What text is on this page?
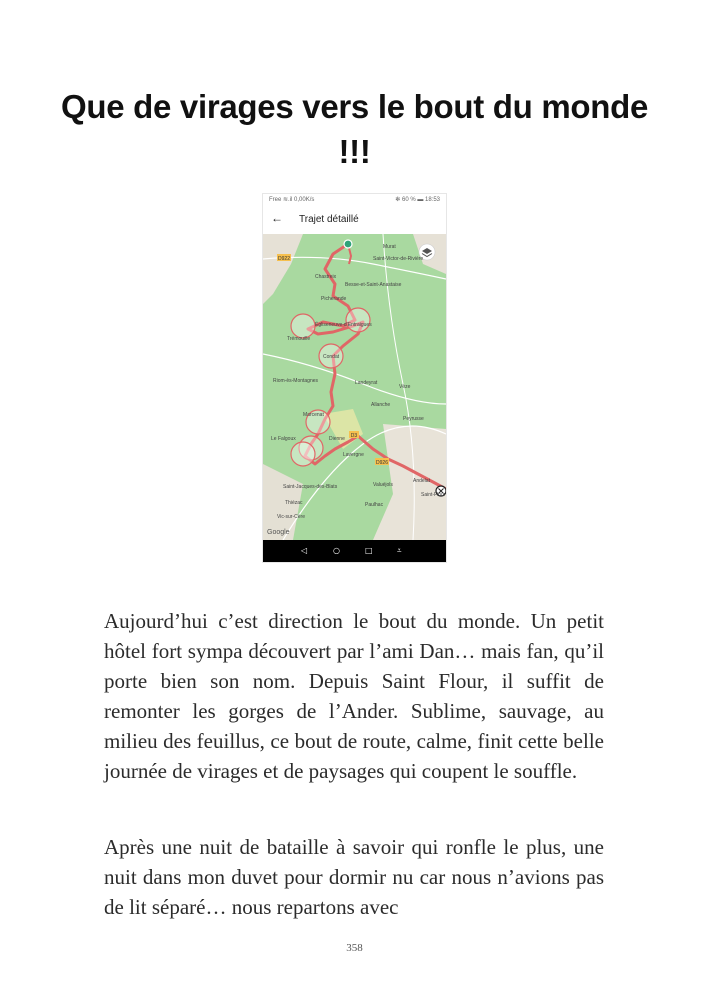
Que de virages vers le bout du monde !!!
Free ≋.il 0,00K/s	✻ 60 % ▬ 18:53
← Trajet détaillé
D922
D3
D926
Murat
Saint-Victor-de-Rivière
Chastreix
Besse-et-Saint-Anastaise
Picherande
Égliseneuve-d’Entraigues
Trémouille
Condat
Landeyrat
Riom-ès-Montagnes
Allanche
Peyrusse
Marcenat
Dienne
Lavergne
Vèze
Saint-Jacques-des-Blats
Thiézac
Vic-sur-Cère
Paulhac
Andelat
Saint-Flour
Valuéjols
Le Falgoux
Google
◁	○	□	⩡

Aujourd’hui c’est direction le bout du monde. Un petit hôtel fort sympa découvert par l’ami Dan… mais fan, qu’il porte bien son nom. Depuis Saint Flour, il suffit de remonter les gorges de l’Ander. Sublime, sauvage, au milieu des feuillus, ce bout de route, calme, finit cette belle journée de virages et de paysages qui coupent le souffle.

Après une nuit de bataille à savoir qui ronfle le plus, une nuit dans mon duvet pour dormir nu car nous n’avions pas de lit séparé… nous repartons avec

358
